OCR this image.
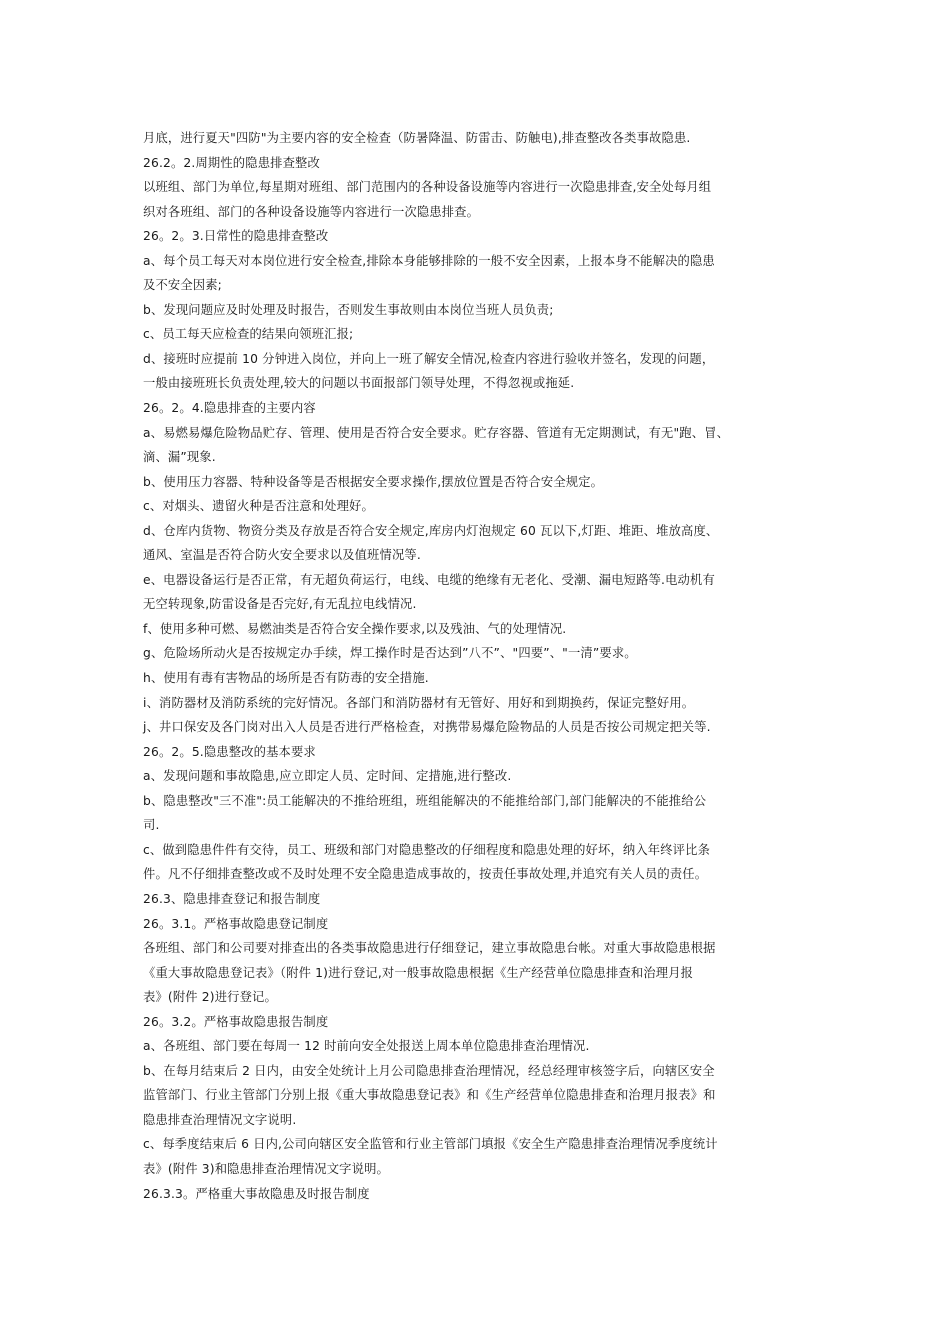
月底，进行夏天"四防"为主要内容的安全检查（防暑降温、防雷击、防触电),排查整改各类事故隐患.
26.2。2.周期性的隐患排查整改
以班组、部门为单位,每星期对班组、部门范围内的各种设备设施等内容进行一次隐患排查,安全处每月组
织对各班组、部门的各种设备设施等内容进行一次隐患排查。
26。2。3.日常性的隐患排查整改
a、每个员工每天对本岗位进行安全检查,排除本身能够排除的一般不安全因素，上报本身不能解决的隐患
及不安全因素;
b、发现问题应及时处理及时报告，否则发生事故则由本岗位当班人员负责;
c、员工每天应检查的结果向领班汇报;
d、接班时应提前 10 分钟进入岗位，并向上一班了解安全情况,检查内容进行验收并签名，发现的问题，
一般由接班班长负责处理,较大的问题以书面报部门领导处理，不得忽视或拖延.
26。2。4.隐患排查的主要内容
a、易燃易爆危险物品贮存、管理、使用是否符合安全要求。贮存容器、管道有无定期测试，有无"跑、冒、
滴、漏”现象.
b、使用压力容器、特种设备等是否根据安全要求操作,摆放位置是否符合安全规定。
c、对烟头、遗留火种是否注意和处理好。
d、仓库内货物、物资分类及存放是否符合安全规定,库房内灯泡规定 60 瓦以下,灯距、堆距、堆放高度、
通风、室温是否符合防火安全要求以及值班情况等.
e、电器设备运行是否正常，有无超负荷运行，电线、电缆的绝缘有无老化、受潮、漏电短路等.电动机有
无空转现象,防雷设备是否完好,有无乱拉电线情况.
f、使用多种可燃、易燃油类是否符合安全操作要求,以及残油、气的处理情况.
g、危险场所动火是否按规定办手续，焊工操作时是否达到”八不”、"四要”、"一清”要求。
h、使用有毒有害物品的场所是否有防毒的安全措施.
i、消防器材及消防系统的完好情况。各部门和消防器材有无管好、用好和到期换药，保证完整好用。
j、井口保安及各门岗对出入人员是否进行严格检查，对携带易爆危险物品的人员是否按公司规定把关等.
26。2。5.隐患整改的基本要求
a、发现问题和事故隐患,应立即定人员、定时间、定措施,进行整改.
b、隐患整改"三不准":员工能解决的不推给班组，班组能解决的不能推给部门,部门能解决的不能推给公
司.
c、做到隐患件件有交待，员工、班级和部门对隐患整改的仔细程度和隐患处理的好坏，纳入年终评比条
件。凡不仔细排查整改或不及时处理不安全隐患造成事故的，按责任事故处理,并追究有关人员的责任。
26.3、隐患排查登记和报告制度
26。3.1。严格事故隐患登记制度
各班组、部门和公司要对排查出的各类事故隐患进行仔细登记，建立事故隐患台帐。对重大事故隐患根据
《重大事故隐患登记表》（附件 1)进行登记,对一般事故隐患根据《生产经营单位隐患排查和治理月报
表》(附件 2)进行登记。
26。3.2。严格事故隐患报告制度
a、各班组、部门要在每周一 12 时前向安全处报送上周本单位隐患排查治理情况.
b、在每月结束后 2 日内，由安全处统计上月公司隐患排查治理情况，经总经理审核签字后，向辖区安全
监管部门、行业主管部门分别上报《重大事故隐患登记表》和《生产经营单位隐患排查和治理月报表》和
隐患排查治理情况文字说明.
c、每季度结束后 6 日内,公司向辖区安全监管和行业主管部门填报《安全生产隐患排查治理情况季度统计
表》(附件 3)和隐患排查治理情况文字说明。
26.3.3。严格重大事故隐患及时报告制度
